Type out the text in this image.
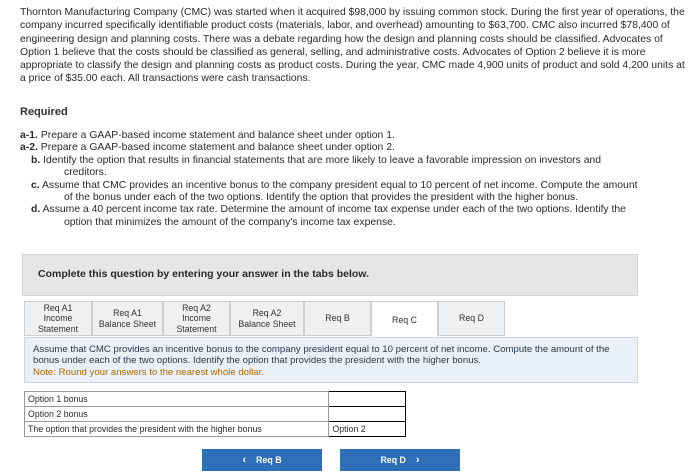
Thornton Manufacturing Company (CMC) was started when it acquired $98,000 by issuing common stock. During the first year of operations, the company incurred specifically identifiable product costs (materials, labor, and overhead) amounting to $63,700. CMC also incurred $78,400 of engineering design and planning costs. There was a debate regarding how the design and planning costs should be classified. Advocates of Option 1 believe that the costs should be classified as general, selling, and administrative costs. Advocates of Option 2 believe it is more appropriate to classify the design and planning costs as product costs. During the year, CMC made 4,900 units of product and sold 4,200 units at a price of $35.00 each. All transactions were cash transactions.

Required
a-1. Prepare a GAAP-based income statement and balance sheet under option 1.
a-2. Prepare a GAAP-based income statement and balance sheet under option 2.
b. Identify the option that results in financial statements that are more likely to leave a favorable impression on investors and
creditors.
c. Assume that CMC provides an incentive bonus to the company president equal to 10 percent of net income. Compute the amount
of the bonus under each of the two options. Identify the option that provides the president with the higher bonus.
d. Assume a 40 percent income tax rate. Determine the amount of income tax expense under each of the two options. Identify the
option that minimizes the amount of the company's income tax expense.
Complete this question by entering your answer in the tabs below.
Req A1
Income
Statement
Req A1
Balance Sheet
Req A2
Income
Statement
Req A2
Balance Sheet
Req B	Req C	Req D
Assume that CMC provides an incentive bonus to the company president equal to 10 percent of net income. Compute the amount of the bonus under each of the two options. Identify the option that provides the president with the higher bonus.
Note: Round your answers to the nearest whole dollar.
Option 1 bonus	
Option 2 bonus	
The option that provides the president with the higher bonus	Option 2
‹ Req B	Req D ›
